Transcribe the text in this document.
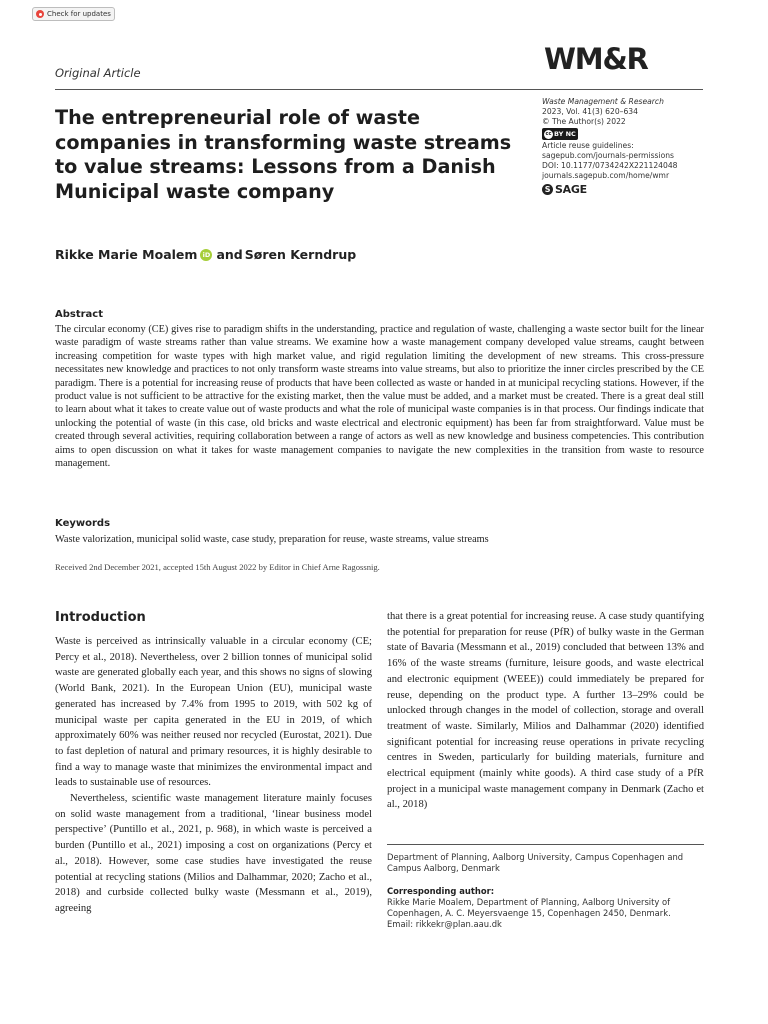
Check for updates
Original Article	WM&R
The entrepreneurial role of waste companies in transforming waste streams to value streams: Lessons from a Danish Municipal waste company
Waste Management & Research
2023, Vol. 41(3) 620–634
© The Author(s) 2022
cc BY NC
Article reuse guidelines:
sagepub.com/journals-permissions
DOI: 10.1177/0734242X221124048
journals.sagepub.com/home/wmr
S SAGE
Rikke Marie Moalem iD and Søren Kerndrup
Abstract
The circular economy (CE) gives rise to paradigm shifts in the understanding, practice and regulation of waste, challenging a waste sector built for the linear waste paradigm of waste streams rather than value streams. We examine how a waste management company developed value streams, caught between increasing competition for waste types with high market value, and rigid regulation limiting the development of new streams. This cross-pressure necessitates new knowledge and practices to not only transform waste streams into value streams, but also to prioritize the inner circles prescribed by the CE paradigm. There is a potential for increasing reuse of products that have been collected as waste or handed in at municipal recycling stations. However, if the product value is not sufficient to be attractive for the existing market, then the value must be added, and a market must be created. There is a great deal still to learn about what it takes to create value out of waste products and what the role of municipal waste companies is in that process. Our findings indicate that unlocking the potential of waste (in this case, old bricks and waste electrical and electronic equipment) has been far from straightforward. Value must be created through several activities, requiring collaboration between a range of actors as well as new knowledge and business competencies. This contribution aims to open discussion on what it takes for waste management companies to navigate the new complexities in the transition from waste to resource management.
Keywords
Waste valorization, municipal solid waste, case study, preparation for reuse, waste streams, value streams
Received 2nd December 2021, accepted 15th August 2022 by Editor in Chief Arne Ragossnig.
Introduction

Waste is perceived as intrinsically valuable in a circular economy (CE; Percy et al., 2018). Nevertheless, over 2 billion tonnes of municipal solid waste are generated globally each year, and this shows no signs of slowing (World Bank, 2021). In the European Union (EU), municipal waste generated has increased by 7.4% from 1995 to 2019, with 502 kg of municipal waste per capita generated in the EU in 2019, of which approximately 60% was neither reused nor recycled (Eurostat, 2021). Due to fast depletion of natural and primary resources, it is highly desirable to find a way to manage waste that minimizes the environmental impact and leads to sustainable use of resources.

Nevertheless, scientific waste management literature mainly focuses on solid waste management from a traditional, ‘linear business model perspective’ (Puntillo et al., 2021, p. 968), in which waste is perceived a burden (Puntillo et al., 2021) imposing a cost on organizations (Percy et al., 2018). However, some case studies have investigated the reuse potential at recycling stations (Milios and Dalhammar, 2020; Zacho et al., 2018) and curbside collected bulky waste (Messmann et al., 2019), agreeing

that there is a great potential for increasing reuse. A case study quantifying the potential for preparation for reuse (PfR) of bulky waste in the German state of Bavaria (Messmann et al., 2019) concluded that between 13% and 16% of the waste streams (furniture, leisure goods, and waste electrical and electronic equipment (WEEE)) could immediately be prepared for reuse, depending on the product type. A further 13–29% could be unlocked through changes in the model of collection, storage and overall treatment of waste. Similarly, Milios and Dalhammar (2020) identified significant potential for increasing reuse operations in private recycling centres in Sweden, particularly for building materials, furniture and electrical equipment (mainly white goods). A third case study of a PfR project in a municipal waste management company in Denmark (Zacho et al., 2018)

Department of Planning, Aalborg University, Campus Copenhagen and Campus Aalborg, Denmark
Corresponding author:
Rikke Marie Moalem, Department of Planning, Aalborg University of Copenhagen, A. C. Meyersvaenge 15, Copenhagen 2450, Denmark.
Email: rikkekr@plan.aau.dk
